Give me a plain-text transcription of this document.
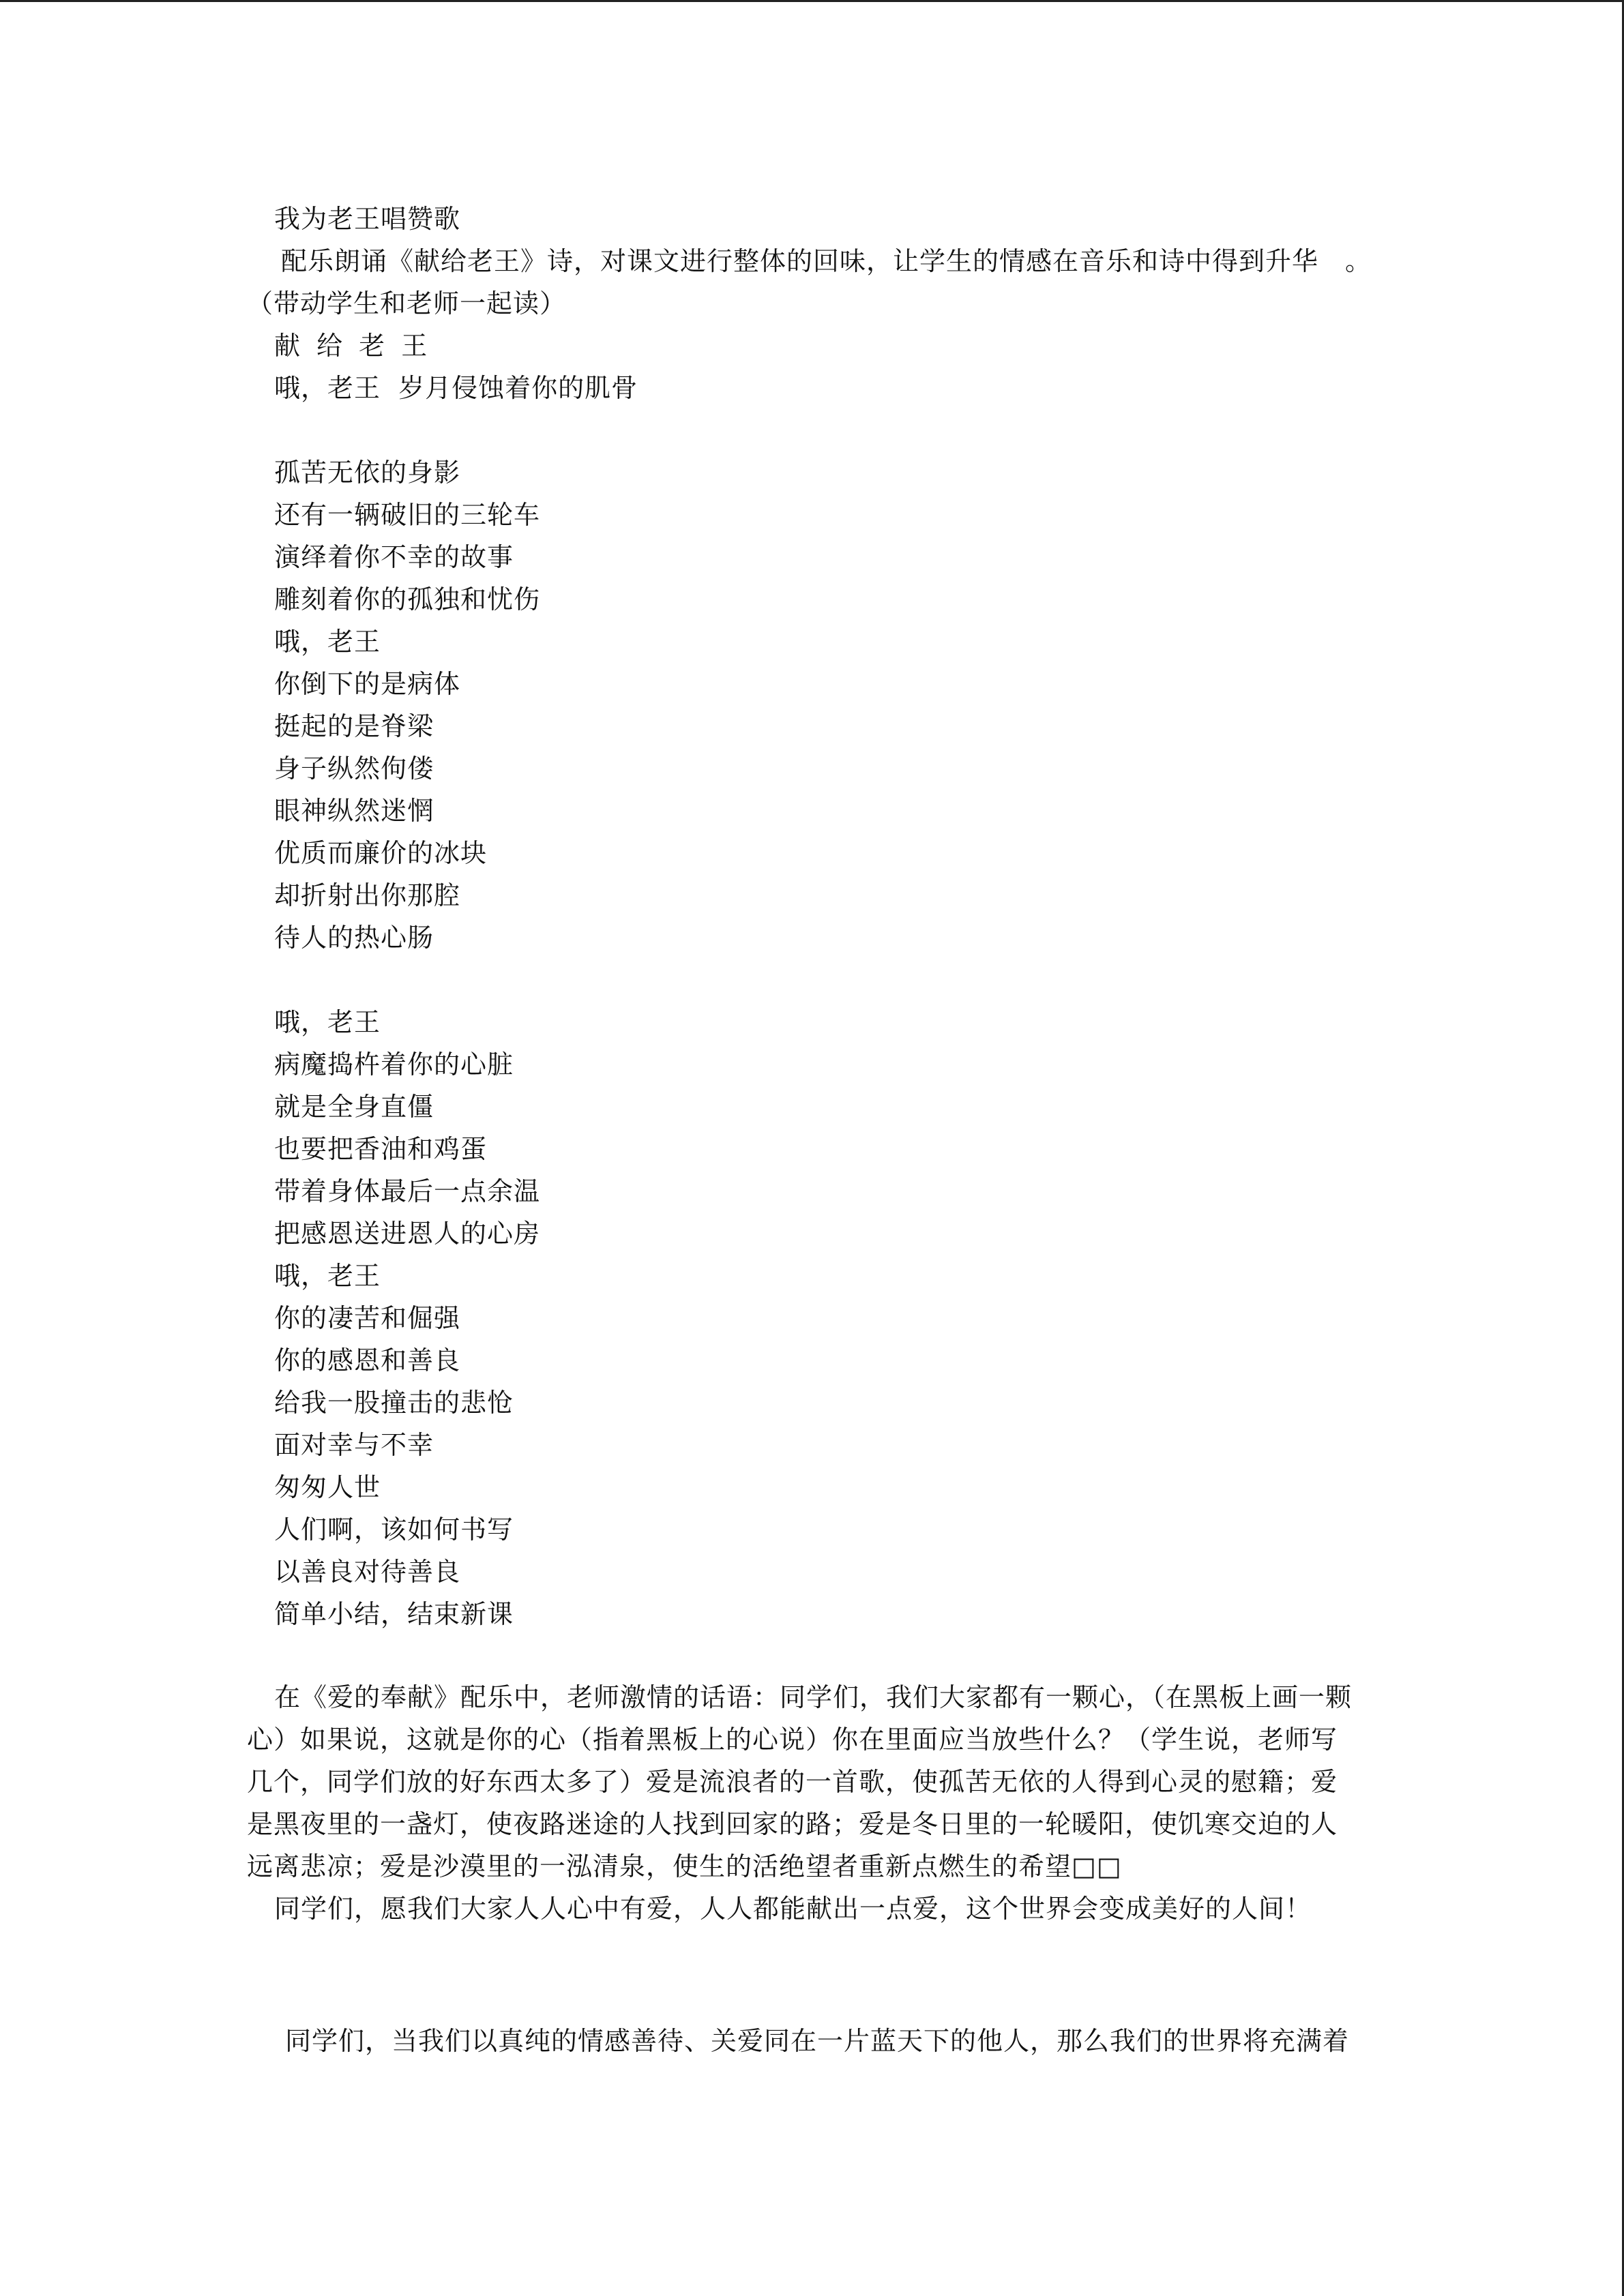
我为老王唱赞歌
配乐朗诵《献给老王》诗，对课文进行整体的回味，让学生的情感在音乐和诗中得到升华　。
（带动学生和老师一起读）
献 给 老 王
哦，老王  岁月侵蚀着你的肌骨
孤苦无依的身影
还有一辆破旧的三轮车
演绎着你不幸的故事
雕刻着你的孤独和忧伤
哦，老王
你倒下的是病体
挺起的是脊梁
身子纵然佝偻
眼神纵然迷惘
优质而廉价的冰块
却折射出你那腔
待人的热心肠
哦，老王
病魔捣杵着你的心脏
就是全身直僵
也要把香油和鸡蛋
带着身体最后一点余温
把感恩送进恩人的心房
哦，老王
你的凄苦和倔强
你的感恩和善良
给我一股撞击的悲怆
面对幸与不幸
匆匆人世
人们啊，该如何书写
以善良对待善良
简单小结，结束新课
在《爱的奉献》配乐中，老师激情的话语：同学们，我们大家都有一颗心，（在黑板上画一颗
心）如果说，这就是你的心（指着黑板上的心说）你在里面应当放些什么？（学生说，老师写
几个，同学们放的好东西太多了）爱是流浪者的一首歌，使孤苦无依的人得到心灵的慰籍；爱
是黑夜里的一盏灯，使夜路迷途的人找到回家的路；爱是冬日里的一轮暖阳，使饥寒交迫的人
远离悲凉；爱是沙漠里的一泓清泉，使生的活绝望者重新点燃生的希望□□
同学们，愿我们大家人人心中有爱，人人都能献出一点爱，这个世界会变成美好的人间！
同学们，当我们以真纯的情感善待、关爱同在一片蓝天下的他人，那么我们的世界将充满着
